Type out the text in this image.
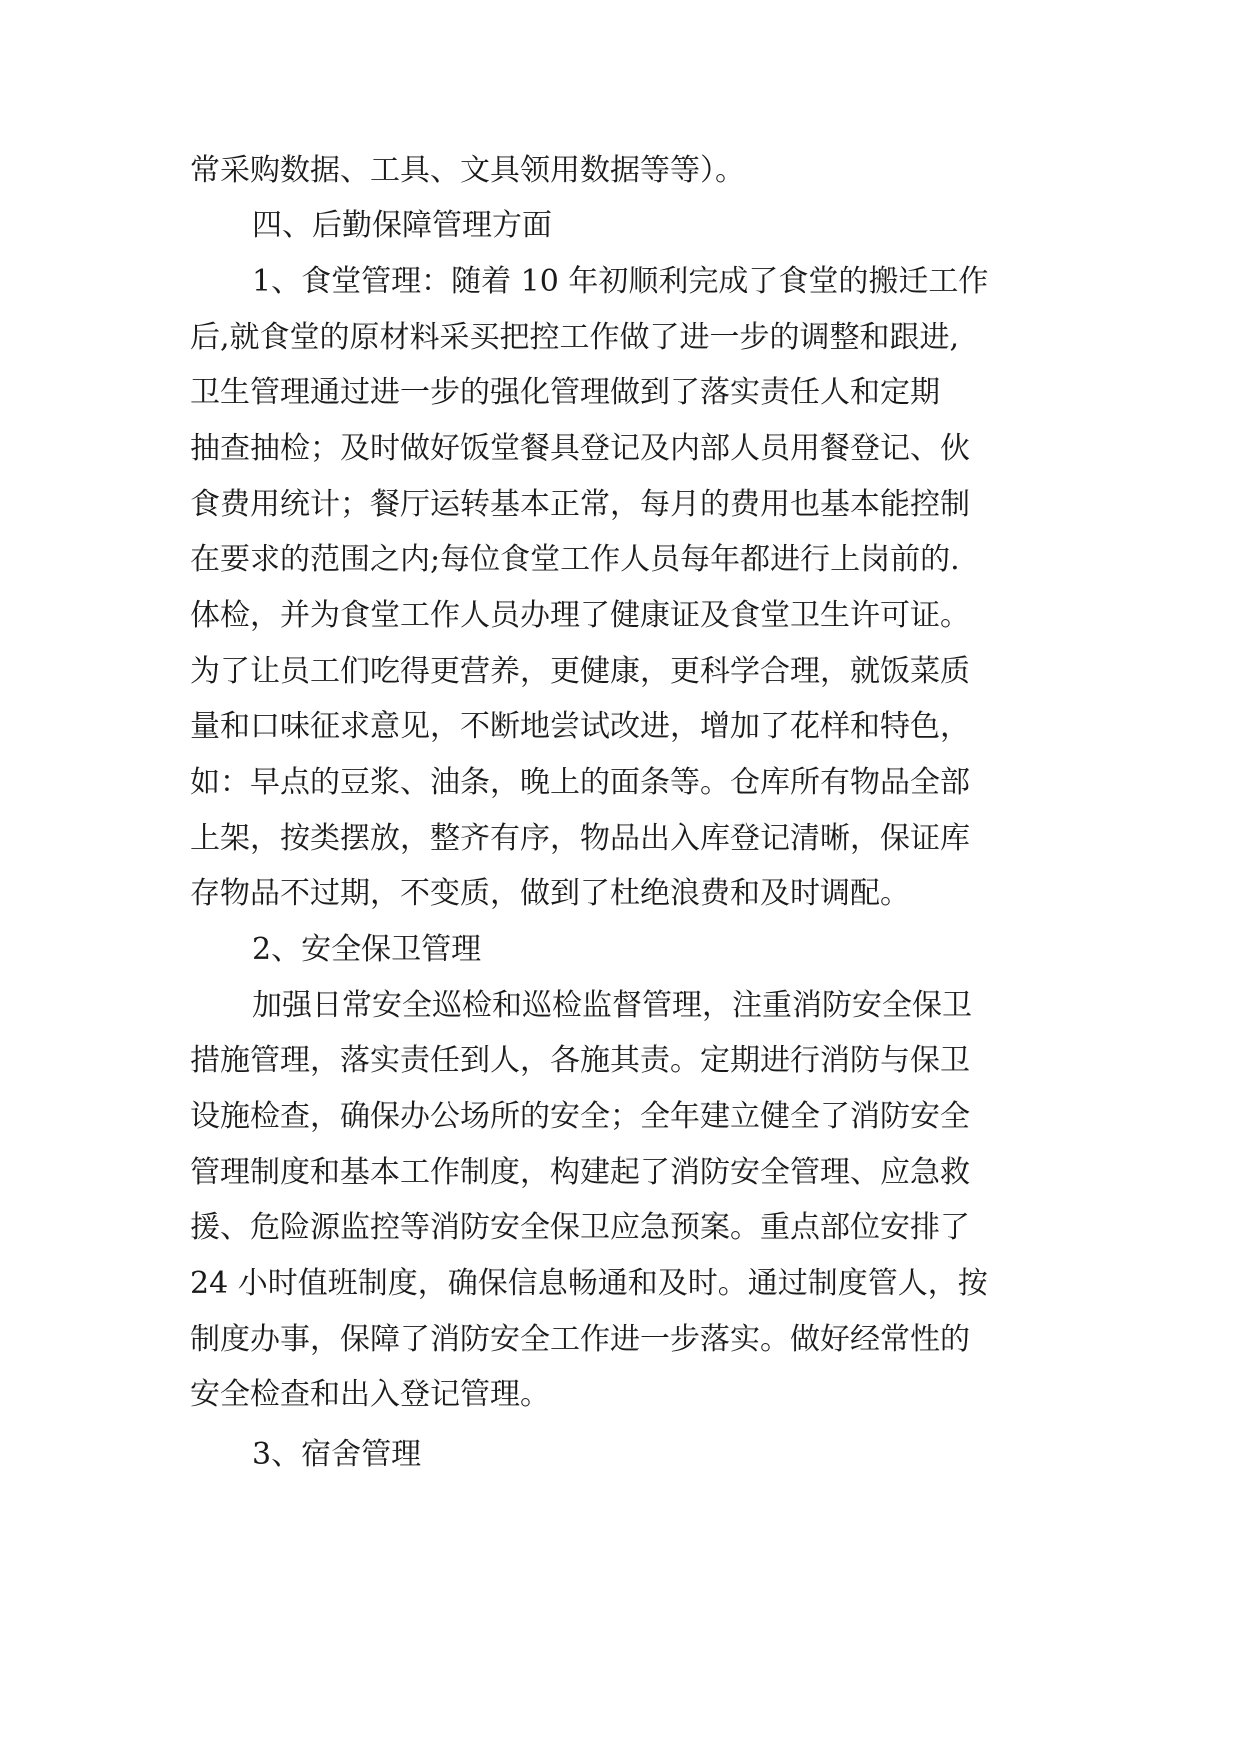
常采购数据、工具、文具领用数据等等）。
四、后勤保障管理方面
1、食堂管理：随着 10 年初顺利完成了食堂的搬迁工作
后,就食堂的原材料采买把控工作做了进一步的调整和跟进,
卫生管理通过进一步的强化管理做到了落实责任人和定期
抽查抽检；及时做好饭堂餐具登记及内部人员用餐登记、伙
食费用统计；餐厅运转基本正常，每月的费用也基本能控制
在要求的范围之内;每位食堂工作人员每年都进行上岗前的.
体检，并为食堂工作人员办理了健康证及食堂卫生许可证。
为了让员工们吃得更营养，更健康，更科学合理，就饭菜质
量和口味征求意见，不断地尝试改进，增加了花样和特色，
如：早点的豆浆、油条，晚上的面条等。仓库所有物品全部
上架，按类摆放，整齐有序，物品出入库登记清晰，保证库
存物品不过期，不变质，做到了杜绝浪费和及时调配。
2、安全保卫管理
加强日常安全巡检和巡检监督管理，注重消防安全保卫
措施管理，落实责任到人，各施其责。定期进行消防与保卫
设施检查，确保办公场所的安全；全年建立健全了消防安全
管理制度和基本工作制度，构建起了消防安全管理、应急救
援、危险源监控等消防安全保卫应急预案。重点部位安排了
24 小时值班制度，确保信息畅通和及时。通过制度管人，按
制度办事，保障了消防安全工作进一步落实。做好经常性的
安全检查和出入登记管理。
3、宿舍管理
